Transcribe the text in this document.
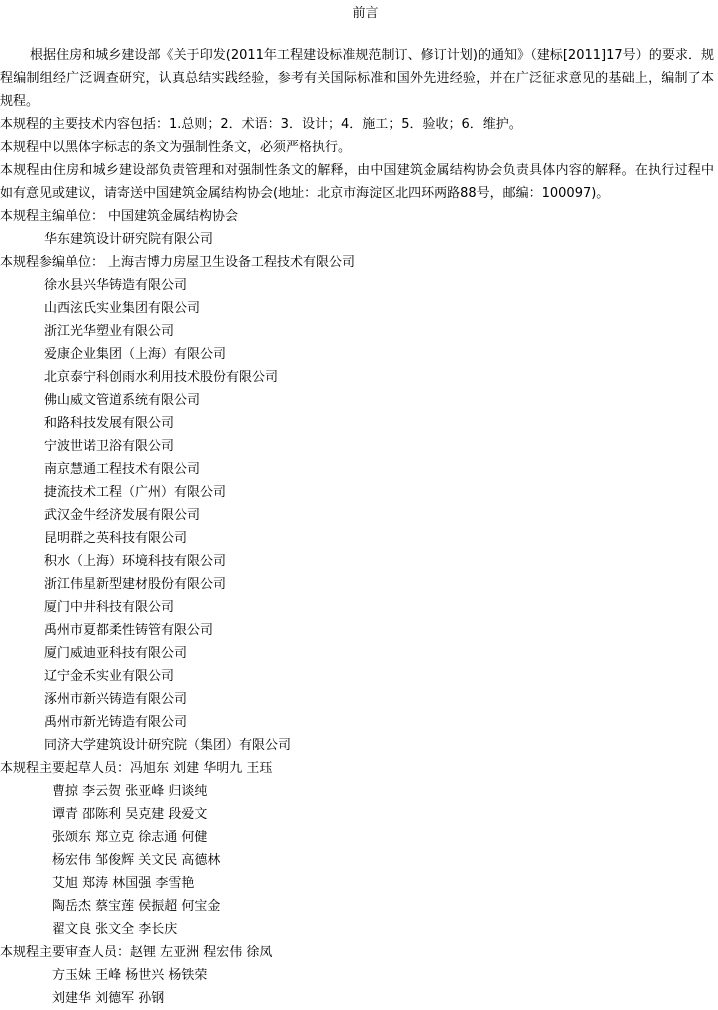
前言
根据住房和城乡建设部《关于印发(2011年工程建设标准规范制订、修订计划)的通知》（建标[2011]17号）的要求．规程编制组经广泛调查研究，认真总结实践经验，参考有关国际标准和国外先进经验，并在广泛征求意见的基础上，编制了本规程。
本规程的主要技术内容包括：1.总则；2．术语：3．设计；4．施工；5．验收；6．维护。
本规程中以黑体字标志的条文为强制性条文，必须严格执行。
本规程由住房和城乡建设部负责管理和对强制性条文的解释，由中国建筑金属结构协会负责具体内容的解释。在执行过程中如有意见或建议，请寄送中国建筑金属结构协会(地址：北京市海淀区北四环两路88号，邮编：100097)。
本规程主编单位： 中国建筑金属结构协会
华东建筑设计研究院有限公司
本规程参编单位： 上海吉博力房屋卫生设备工程技术有限公司
徐水县兴华铸造有限公司
山西泫氏实业集团有限公司
浙江光华塑业有限公司
爱康企业集团（上海）有限公司
北京泰宁科创雨水利用技术股份有限公司
佛山威文管道系统有限公司
和路科技发展有限公司
宁波世诺卫浴有限公司
南京慧通工程技术有限公司
捷流技术工程（广州）有限公司
武汉金牛经济发展有限公司
昆明群之英科技有限公司
积水（上海）环境科技有限公司
浙江伟星新型建材股份有限公司
厦门中井科技有限公司
禹州市夏都柔性铸管有限公司
厦门威迪亚科技有限公司
辽宁金禾实业有限公司
涿州市新兴铸造有限公司
禹州市新光铸造有限公司
同济大学建筑设计研究院（集团）有限公司
本规程主要起草人员：冯旭东 刘建 华明九 王珏
曹掠 李云贺 张亚峰 归谈纯
谭青 邵陈利 吴克建 段爱文
张颂东 郑立克 徐志通 何健
杨宏伟 邹俊辉 关文民 高德林
艾旭 郑涛 林国强 李雪艳
陶岳杰 蔡宝莲 侯振超 何宝金
翟文良 张文全 李长庆
本规程主要审查人员：赵锂 左亚洲 程宏伟 徐凤
方玉妹 王峰 杨世兴 杨铁荣
刘建华 刘德军 孙钢
